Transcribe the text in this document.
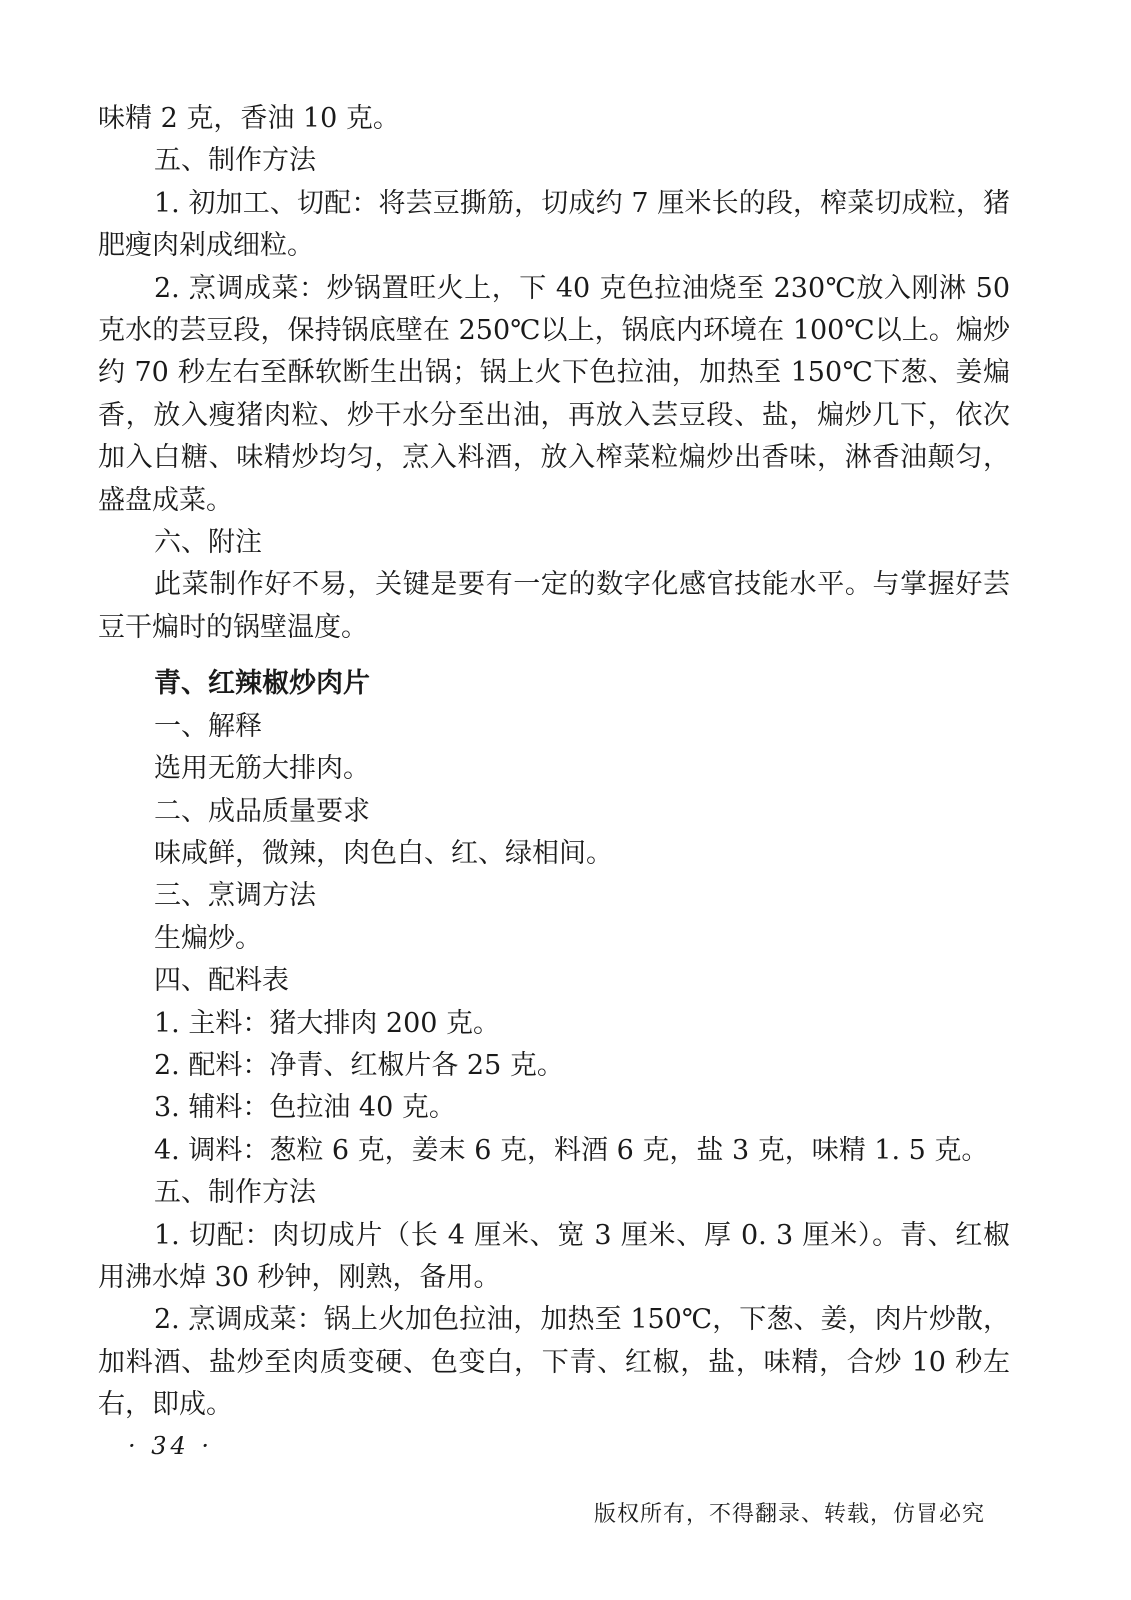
味精 2 克，香油 10 克。

五、制作方法

1. 初加工、切配：将芸豆撕筋，切成约 7 厘米长的段，榨菜切成粒，猪肥瘦肉剁成细粒。

2. 烹调成菜：炒锅置旺火上，下 40 克色拉油烧至 230℃放入刚淋 50 克水的芸豆段，保持锅底壁在 250℃以上，锅底内环境在 100℃以上。煸炒约 70 秒左右至酥软断生出锅；锅上火下色拉油，加热至 150℃下葱、姜煸香，放入瘦猪肉粒、炒干水分至出油，再放入芸豆段、盐，煸炒几下，依次加入白糖、味精炒均匀，烹入料酒，放入榨菜粒煸炒出香味，淋香油颠匀，盛盘成菜。

六、附注

此菜制作好不易，关键是要有一定的数字化感官技能水平。与掌握好芸豆干煸时的锅壁温度。

青、红辣椒炒肉片

一、解释

选用无筋大排肉。

二、成品质量要求

味咸鲜，微辣，肉色白、红、绿相间。

三、烹调方法

生煸炒。

四、配料表

1. 主料：猪大排肉 200 克。

2. 配料：净青、红椒片各 25 克。

3. 辅料：色拉油 40 克。

4. 调料：葱粒 6 克，姜末 6 克，料酒 6 克，盐 3 克，味精 1. 5 克。

五、制作方法

1. 切配：肉切成片（长 4 厘米、宽 3 厘米、厚 0. 3 厘米）。青、红椒用沸水焯 30 秒钟，刚熟，备用。

2. 烹调成菜：锅上火加色拉油，加热至 150℃，下葱、姜，肉片炒散，加料酒、盐炒至肉质变硬、色变白，下青、红椒，盐，味精，合炒 10 秒左右，即成。

· 34 ·
版权所有，不得翻录、转载，仿冒必究
